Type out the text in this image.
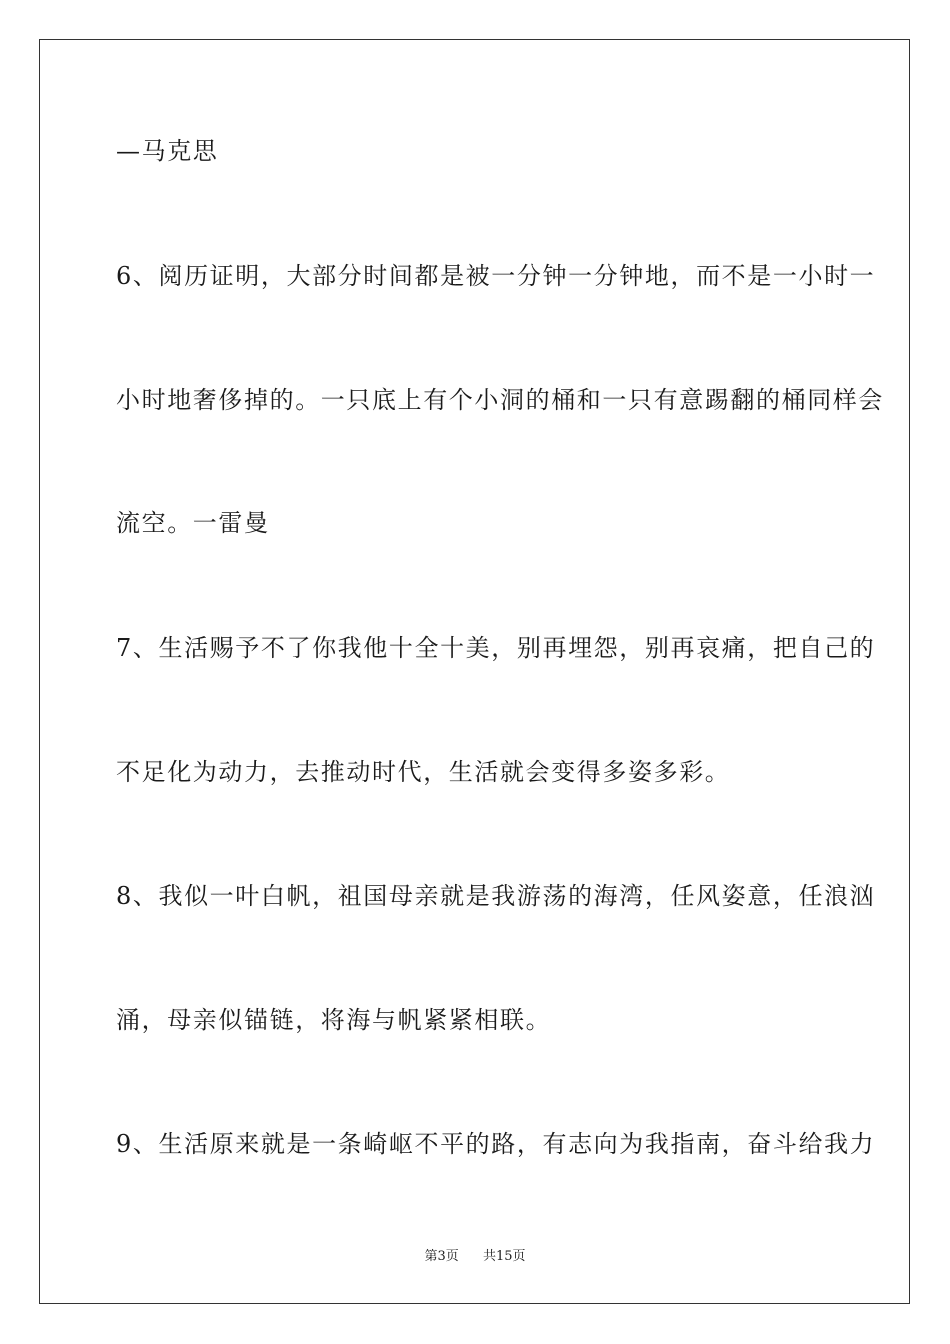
—马克思
6、阅历证明，大部分时间都是被一分钟一分钟地，而不是一小时一
小时地奢侈掉的。一只底上有个小洞的桶和一只有意踢翻的桶同样会
流空。一雷曼
7、生活赐予不了你我他十全十美，别再埋怨，别再哀痛，把自己的
不足化为动力，去推动时代，生活就会变得多姿多彩。
8、我似一叶白帆，祖国母亲就是我游荡的海湾，任风姿意，任浪汹
涌，母亲似锚链，将海与帆紧紧相联。
9、生活原来就是一条崎岖不平的路，有志向为我指南，奋斗给我力
第3页 共15页
